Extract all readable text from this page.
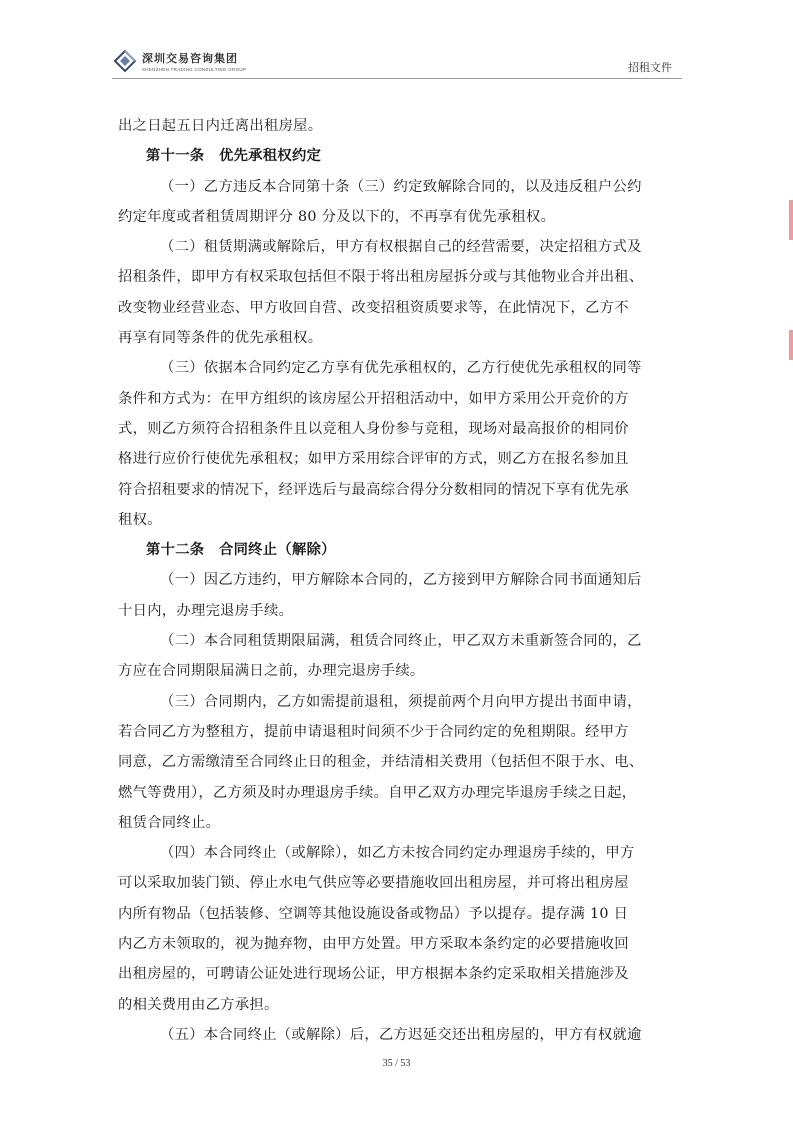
深圳交易咨询集团
SHENZHEN TRADING CONSULTING GROUP	招租文件

出之日起五日内迁离出租房屋。

第十一条　优先承租权约定

（一）乙方违反本合同第十条（三）约定致解除合同的，以及违反租户公约

约定年度或者租赁周期评分 80 分及以下的，不再享有优先承租权。

（二）租赁期满或解除后，甲方有权根据自己的经营需要，决定招租方式及

招租条件，即甲方有权采取包括但不限于将出租房屋拆分或与其他物业合并出租、

改变物业经营业态、甲方收回自营、改变招租资质要求等，在此情况下，乙方不

再享有同等条件的优先承租权。

（三）依据本合同约定乙方享有优先承租权的，乙方行使优先承租权的同等

条件和方式为：在甲方组织的该房屋公开招租活动中，如甲方采用公开竞价的方

式，则乙方须符合招租条件且以竞租人身份参与竞租，现场对最高报价的相同价

格进行应价行使优先承租权；如甲方采用综合评审的方式，则乙方在报名参加且

符合招租要求的情况下，经评选后与最高综合得分分数相同的情况下享有优先承

租权。

第十二条　合同终止（解除）

（一）因乙方违约，甲方解除本合同的，乙方接到甲方解除合同书面通知后

十日内，办理完退房手续。

（二）本合同租赁期限届满，租赁合同终止，甲乙双方未重新签合同的，乙

方应在合同期限届满日之前，办理完退房手续。

（三）合同期内，乙方如需提前退租，须提前两个月向甲方提出书面申请，

若合同乙方为整租方，提前申请退租时间须不少于合同约定的免租期限。经甲方

同意，乙方需缴清至合同终止日的租金，并结清相关费用（包括但不限于水、电、

燃气等费用），乙方须及时办理退房手续。自甲乙双方办理完毕退房手续之日起，

租赁合同终止。

（四）本合同终止（或解除），如乙方未按合同约定办理退房手续的，甲方

可以采取加装门锁、停止水电气供应等必要措施收回出租房屋，并可将出租房屋

内所有物品（包括装修、空调等其他设施设备或物品）予以提存。提存满 10 日

内乙方未领取的，视为抛弃物，由甲方处置。甲方采取本条约定的必要措施收回

出租房屋的，可聘请公证处进行现场公证，甲方根据本条约定采取相关措施涉及

的相关费用由乙方承担。

（五）本合同终止（或解除）后，乙方迟延交还出租房屋的，甲方有权就逾

35 / 53
